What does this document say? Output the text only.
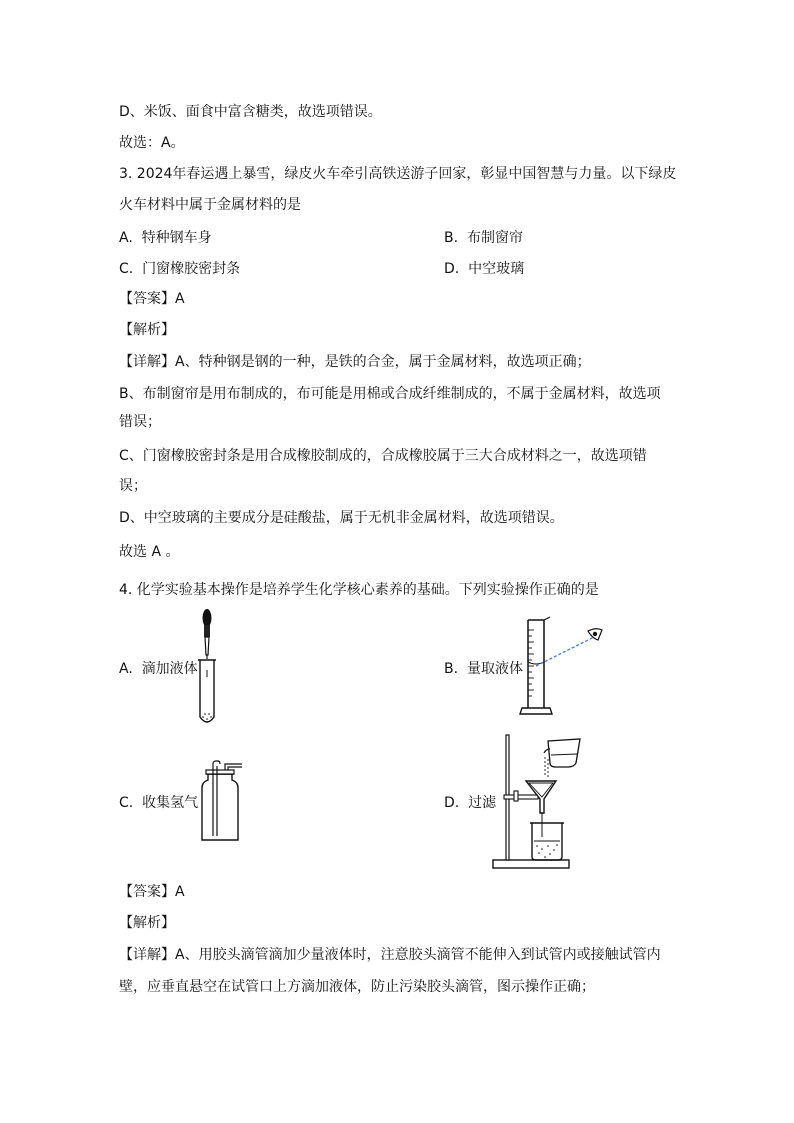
D、米饭、面食中富含糖类，故选项错误。
故选：A。
3. 2024年春运遇上暴雪，绿皮火车牵引高铁送游子回家，彰显中国智慧与力量。以下绿皮
火车材料中属于金属材料的是
A. 特种钢车身	B. 布制窗帘
C. 门窗橡胶密封条	D. 中空玻璃
【答案】A
【解析】
【详解】A、特种钢是钢的一种，是铁的合金，属于金属材料，故选项正确；
B、布制窗帘是用布制成的，布可能是用棉或合成纤维制成的，不属于金属材料，故选项
错误；
C、门窗橡胶密封条是用合成橡胶制成的，合成橡胶属于三大合成材料之一，故选项错
误；
D、中空玻璃的主要成分是硅酸盐，属于无机非金属材料，故选项错误。
故选 A 。
4. 化学实验基本操作是培养学生化学核心素养的基础。下列实验操作正确的是
A. 滴加液体	B. 量取液体
C. 收集氢气	D. 过滤
【答案】A
【解析】
【详解】A、用胶头滴管滴加少量液体时，注意胶头滴管不能伸入到试管内或接触试管内
壁，应垂直悬空在试管口上方滴加液体，防止污染胶头滴管，图示操作正确；
